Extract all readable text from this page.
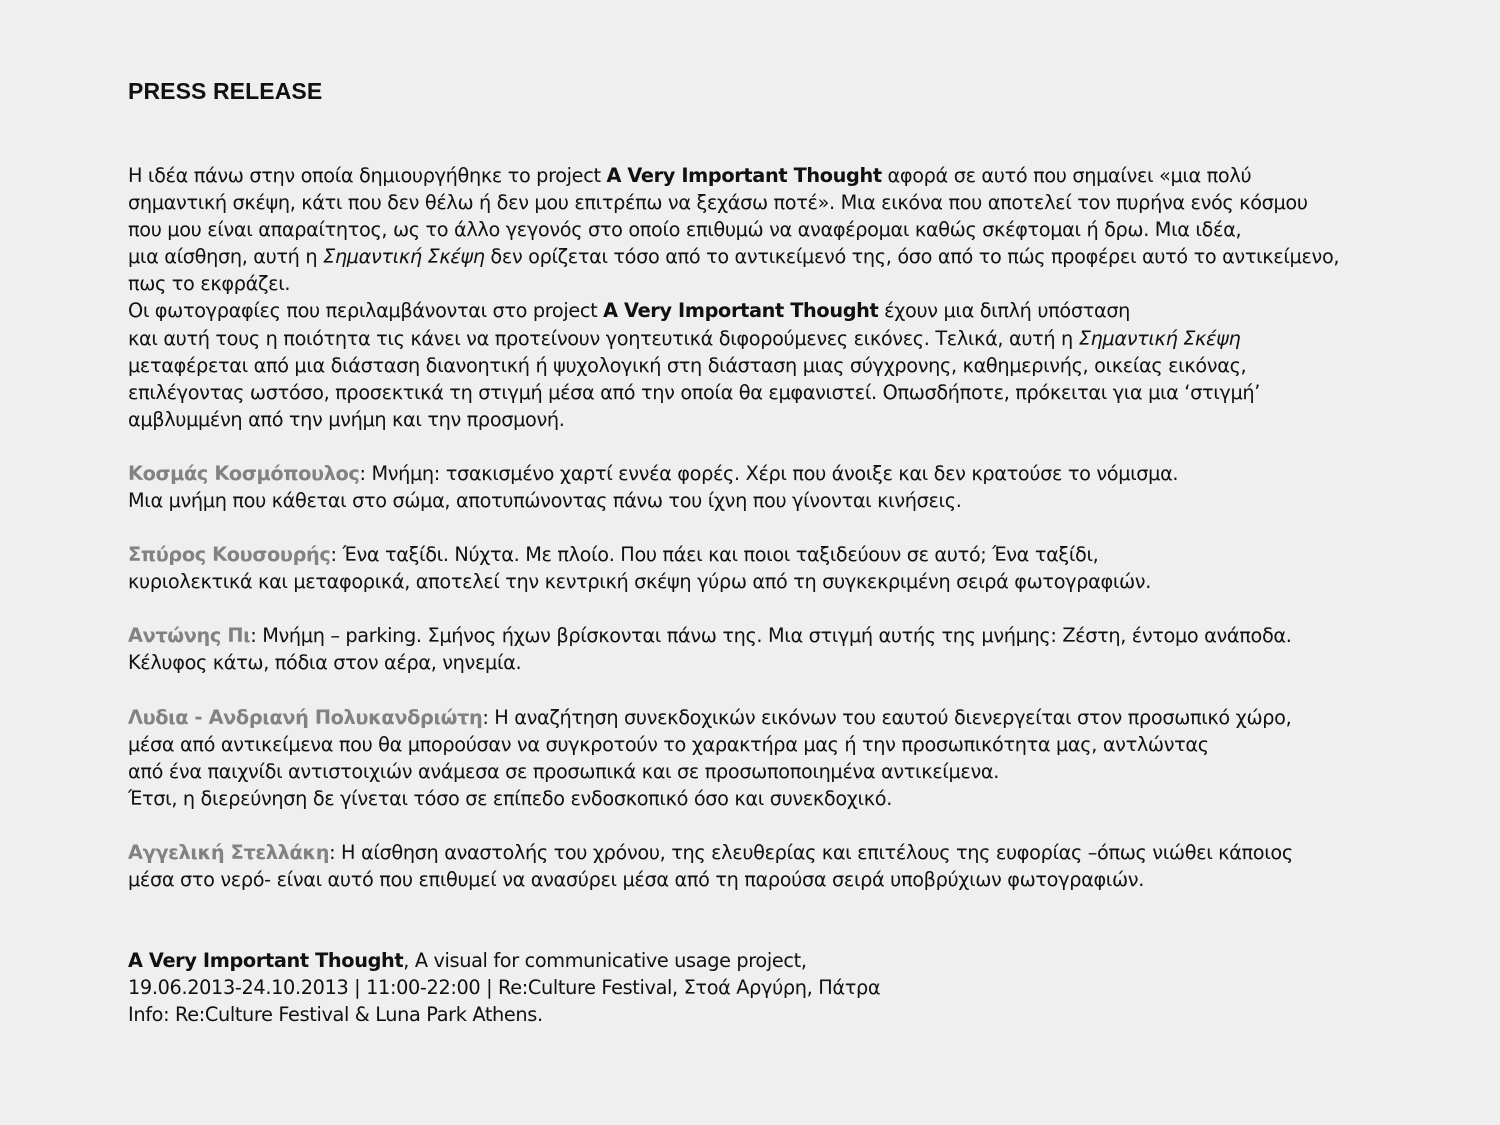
PRESS RELEASE
Η ιδέα πάνω στην οποία δημιουργήθηκε το project A Very Important Thought αφορά σε αυτό που σημαίνει «μια πολύ
σημαντική σκέψη, κάτι που δεν θέλω ή δεν μου επιτρέπω να ξεχάσω ποτέ». Μια εικόνα που αποτελεί τον πυρήνα ενός κόσμου
που μου είναι απαραίτητος, ως το άλλο γεγονός στο οποίο επιθυμώ να αναφέρομαι καθώς σκέφτομαι ή δρω. Μια ιδέα,
μια αίσθηση, αυτή η Σημαντική Σκέψη δεν ορίζεται τόσο από το αντικείμενό της, όσο από το πώς προφέρει αυτό το αντικείμενο,
πως το εκφράζει.
Οι φωτογραφίες που περιλαμβάνονται στο project A Very Important Thought έχουν μια διπλή υπόσταση
και αυτή τους η ποιότητα τις κάνει να προτείνουν γοητευτικά διφορούμενες εικόνες. Τελικά, αυτή η Σημαντική Σκέψη
μεταφέρεται από μια διάσταση διανοητική ή ψυχολογική στη διάσταση μιας σύγχρονης, καθημερινής, οικείας εικόνας,
επιλέγοντας ωστόσο, προσεκτικά τη στιγμή μέσα από την οποία θα εμφανιστεί. Οπωσδήποτε, πρόκειται για μια ‘στιγμή’
αμβλυμμένη από την μνήμη και την προσμονή.
Κοσμάς Κοσμόπουλος: Μνήμη: τσακισμένο χαρτί εννέα φορές. Χέρι που άνοιξε και δεν κρατούσε το νόμισμα.
Μια μνήμη που κάθεται στο σώμα, αποτυπώνοντας πάνω του ίχνη που γίνονται κινήσεις.
Σπύρος Κουσουρής: Ένα ταξίδι. Νύχτα. Με πλοίο. Που πάει και ποιοι ταξιδεύουν σε αυτό; Ένα ταξίδι,
κυριολεκτικά και μεταφορικά, αποτελεί την κεντρική σκέψη γύρω από τη συγκεκριμένη σειρά φωτογραφιών.
Αντώνης Πι: Μνήμη – parking. Σμήνος ήχων βρίσκονται πάνω της. Μια στιγμή αυτής της μνήμης: Ζέστη, έντομο ανάποδα.
Κέλυφος κάτω, πόδια στον αέρα, νηνεμία.
Λυδια - Ανδριανή Πολυκανδριώτη: Η αναζήτηση συνεκδοχικών εικόνων του εαυτού διενεργείται στον προσωπικό χώρο,
μέσα από αντικείμενα που θα μπορούσαν να συγκροτούν το χαρακτήρα μας ή την προσωπικότητα μας, αντλώντας
από ένα παιχνίδι αντιστοιχιών ανάμεσα σε προσωπικά και σε προσωποποιημένα αντικείμενα.
Έτσι, η διερεύνηση δε γίνεται τόσο σε επίπεδο ενδοσκοπικό όσο και συνεκδοχικό.
Αγγελική Στελλάκη: Η αίσθηση αναστολής του χρόνου, της ελευθερίας και επιτέλους της ευφορίας –όπως νιώθει κάποιος
μέσα στο νερό- είναι αυτό που επιθυμεί να ανασύρει μέσα από τη παρούσα σειρά υποβρύχιων φωτογραφιών.
A Very Important Thought, A visual for communicative usage project,
19.06.2013-24.10.2013 | 11:00-22:00 | Re:Culture Festival, Στοά Αργύρη, Πάτρα
Info: Re:Culture Festival & Luna Park Athens.
